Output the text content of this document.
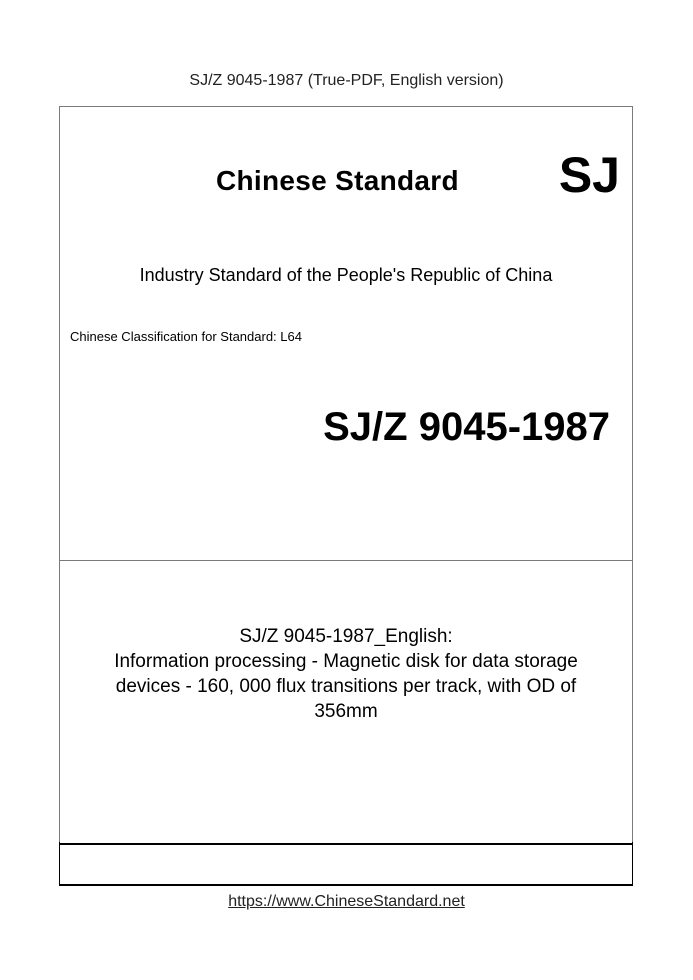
SJ/Z 9045-1987 (True-PDF, English version)
Chinese Standard SJ
Industry Standard of the People's Republic of China
Chinese Classification for Standard: L64
SJ/Z 9045-1987
SJ/Z 9045-1987_English:
Information processing - Magnetic disk for data storage
devices - 160, 000 flux transitions per track, with OD of
356mm
https://www.ChineseStandard.net
